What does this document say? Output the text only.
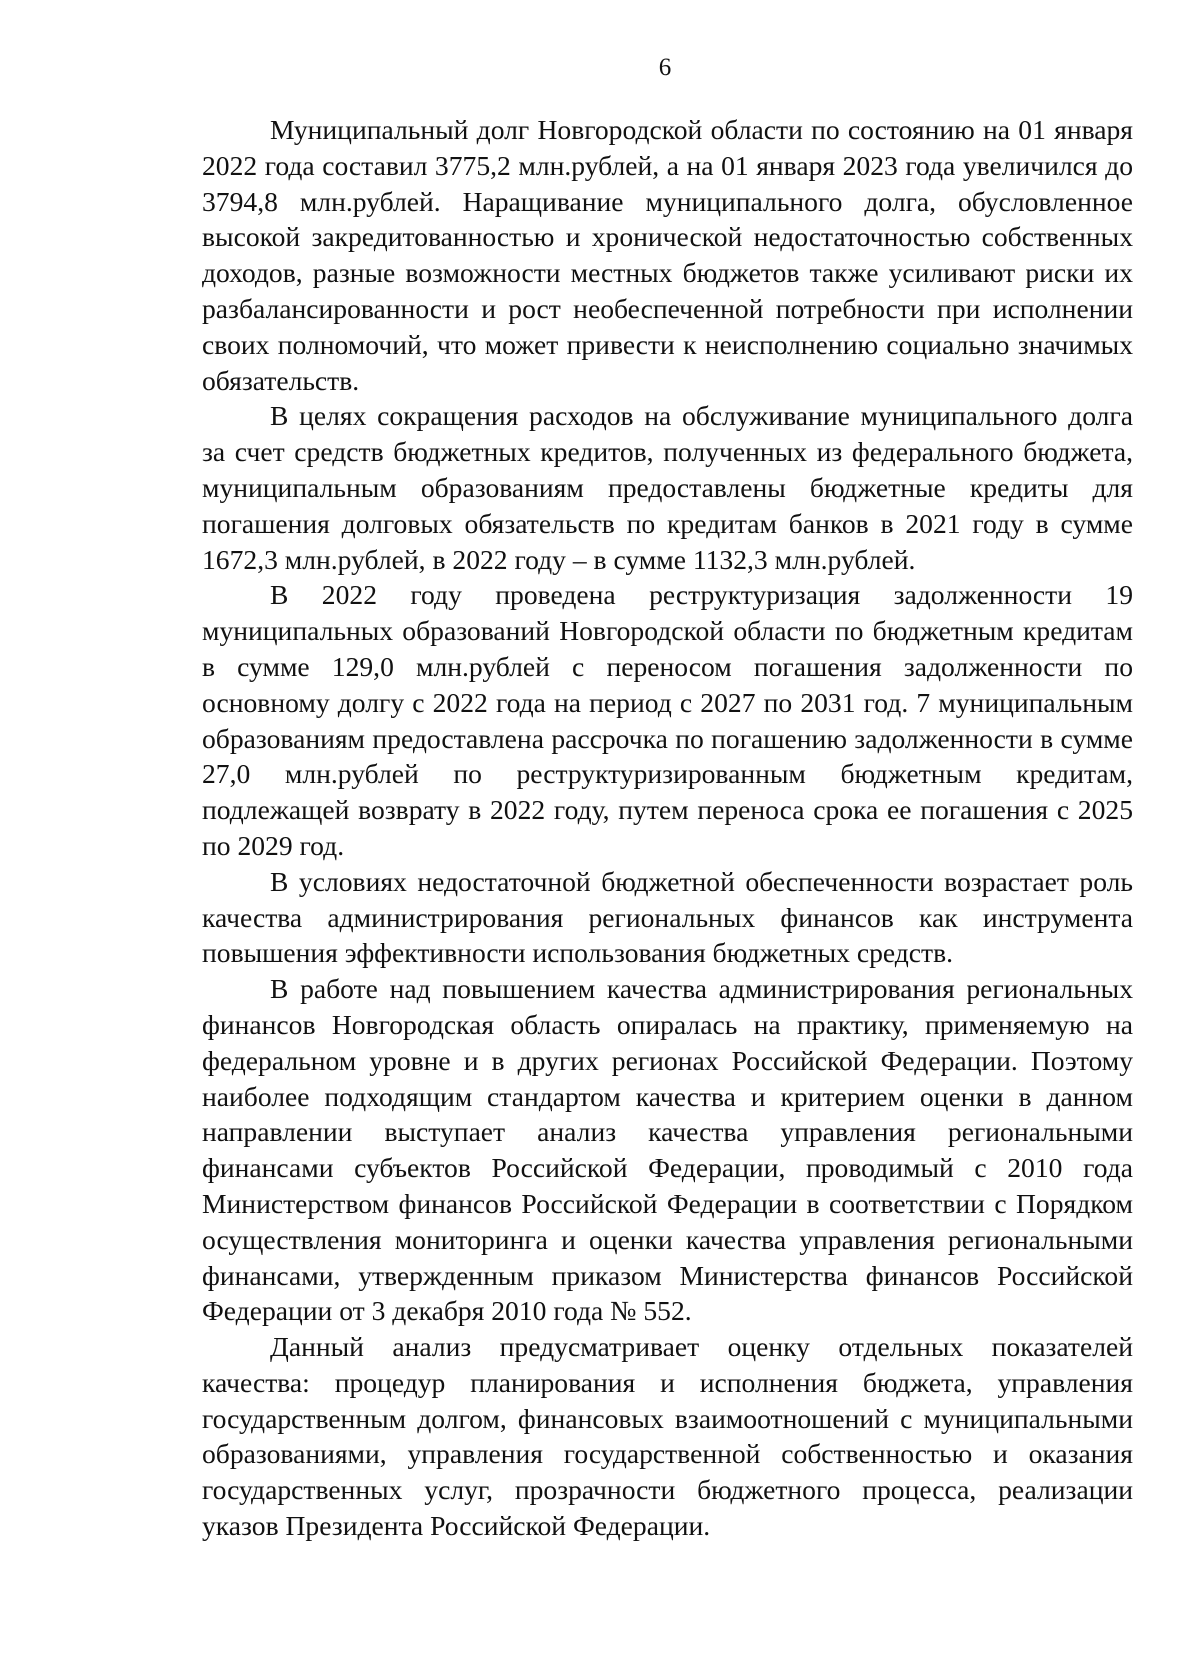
6

Муниципальный долг Новгородской области по состоянию на 01 января 2022 года составил 3775,2 млн.рублей, а на 01 января 2023 года увеличился до 3794,8 млн.рублей. Наращивание муниципального долга, обусловленное высокой закредитованностью и хронической недостаточностью собственных доходов, разные возможности местных бюджетов также усиливают риски их разбалансированности и рост необеспеченной потребности при исполнении своих полномочий, что может привести к неисполнению социально значимых обязательств.

В целях сокращения расходов на обслуживание муниципального долга за счет средств бюджетных кредитов, полученных из федерального бюджета, муниципальным образованиям предоставлены бюджетные кредиты для погашения долговых обязательств по кредитам банков в 2021 году в сумме 1672,3 млн.рублей, в 2022 году – в сумме 1132,3 млн.рублей.

В 2022 году проведена реструктуризация задолженности 19 муниципальных образований Новгородской области по бюджетным кредитам в сумме 129,0 млн.рублей с переносом погашения задолженности по основному долгу с 2022 года на период с 2027 по 2031 год. 7 муниципальным образованиям предоставлена рассрочка по погашению задолженности в сумме 27,0 млн.рублей по реструктуризированным бюджетным кредитам, подлежащей возврату в 2022 году, путем переноса срока ее погашения с 2025 по 2029 год.

В условиях недостаточной бюджетной обеспеченности возрастает роль качества администрирования региональных финансов как инструмента повышения эффективности использования бюджетных средств.

В работе над повышением качества администрирования региональных финансов Новгородская область опиралась на практику, применяемую на федеральном уровне и в других регионах Российской Федерации. Поэтому наиболее подходящим стандартом качества и критерием оценки в данном направлении выступает анализ качества управления региональными финансами субъектов Российской Федерации, проводимый с 2010 года Министерством финансов Российской Федерации в соответствии с Порядком осуществления мониторинга и оценки качества управления региональными финансами, утвержденным приказом Министерства финансов Российской Федерации от 3 декабря 2010 года № 552.

Данный анализ предусматривает оценку отдельных показателей качества: процедур планирования и исполнения бюджета, управления государственным долгом, финансовых взаимоотношений с муниципальными образованиями, управления государственной собственностью и оказания государственных услуг, прозрачности бюджетного процесса, реализации указов Президента Российской Федерации.
